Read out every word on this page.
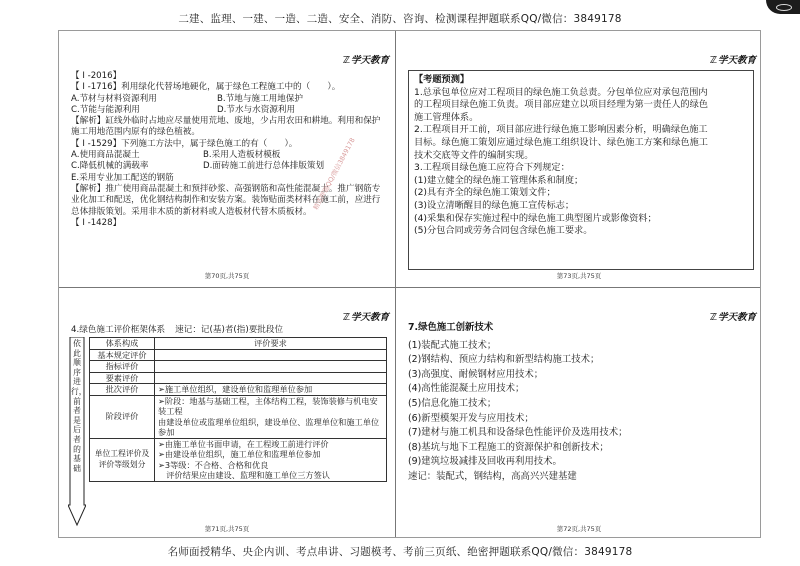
二建、监理、一建、一造、二造、安全、消防、咨询、检测课程押题联系QQ/微信：3849178
ℤ学天教育
【 I -2016】
【 I -1716】利用绿化代替场地硬化，属于绿色工程施工中的（　　）。
A.节材与材料资源利用	B.节地与施工用地保护
C.节能与能源利用	D.节水与水资源利用
【解析】缸线外临时占地应尽量使用荒地、废地，少占用农田和耕地。利用和保护
施工用地范围内原有的绿色植被。
【 I -1529】下列施工方法中，属于绿色施工的有（　　）。
A.使用商品混凝土	B.采用人造板材模板
C.降低机械的满载率	D.面砖施工前进行总体排版策划
E.采用专业加工配送的钢筋
【解析】推广使用商品混凝土和预拌砂浆、高强钢筋和高性能混凝土。推广钢筋专
业化加工和配送，优化钢结构制作和安装方案。装饰贴面类材料在施工前，应进行
总体排版策划。采用非木质的新材料或人造板材代替木质板材。
【 I -1428】
精选押题QQ/微信3849178
第70页,共75页
ℤ学天教育
【考题预测】
1.总承包单位应对工程项目的绿色施工负总责。分包单位应对承包范围内
的工程项目绿色施工负责。项目部应建立以项目经理为第一责任人的绿色
施工管理体系。
2.工程项目开工前，项目部应进行绿色施工影响因素分析，明确绿色施工
目标。绿色施工策划应通过绿色施工组织设计、绿色施工方案和绿色施工
技术交底等文件的编制实现。
3.工程项目绿色施工应符合下列规定：
(1)建立健全的绿色施工管理体系和制度；
(2)具有齐全的绿色施工策划文件；
(3)设立清晰醒目的绿色施工宣传标志；
(4)采集和保存实施过程中的绿色施工典型图片或影像资料；
(5)分包合同或劳务合同包含绿色施工要求。
第73页,共75页
ℤ学天教育
4.绿色施工评价框架体系 速记：记(基)者(指)要批段位
依此顺序进行，前者是后者的基础
体系构成	评价要求
基本规定评价	
指标评价	
要素评价	
批次评价	➢施工单位组织，建设单位和监理单位参加
阶段评价	➢阶段：地基与基础工程，主体结构工程，装饰装修与机电安装工程
由建设单位或监理单位组织，建设单位、监理单位和施工单位参加
单位工程评价及评价等级划分	➢由施工单位书面申请，在工程竣工前进行评价
➢由建设单位组织，施工单位和监理单位参加
➢3等级：不合格、合格和优良
　评价结果应由建设、监理和施工单位三方签认
第71页,共75页
ℤ学天教育
7.绿色施工创新技术
(1)装配式施工技术；
(2)钢结构、预应力结构和新型结构施工技术；
(3)高强度、耐候钢材应用技术；
(4)高性能混凝土应用技术；
(5)信息化施工技术；
(6)新型模架开发与应用技术；
(7)建材与施工机具和设备绿色性能评价及选用技术；
(8)基坑与地下工程施工的资源保护和创新技术；
(9)建筑垃圾减排及回收再利用技术。
速记：装配式，钢结构，高高兴兴建基建
第72页,共75页
名师面授精华、央企内训、考点串讲、习题模考、考前三页纸、绝密押题联系QQ/微信：3849178
